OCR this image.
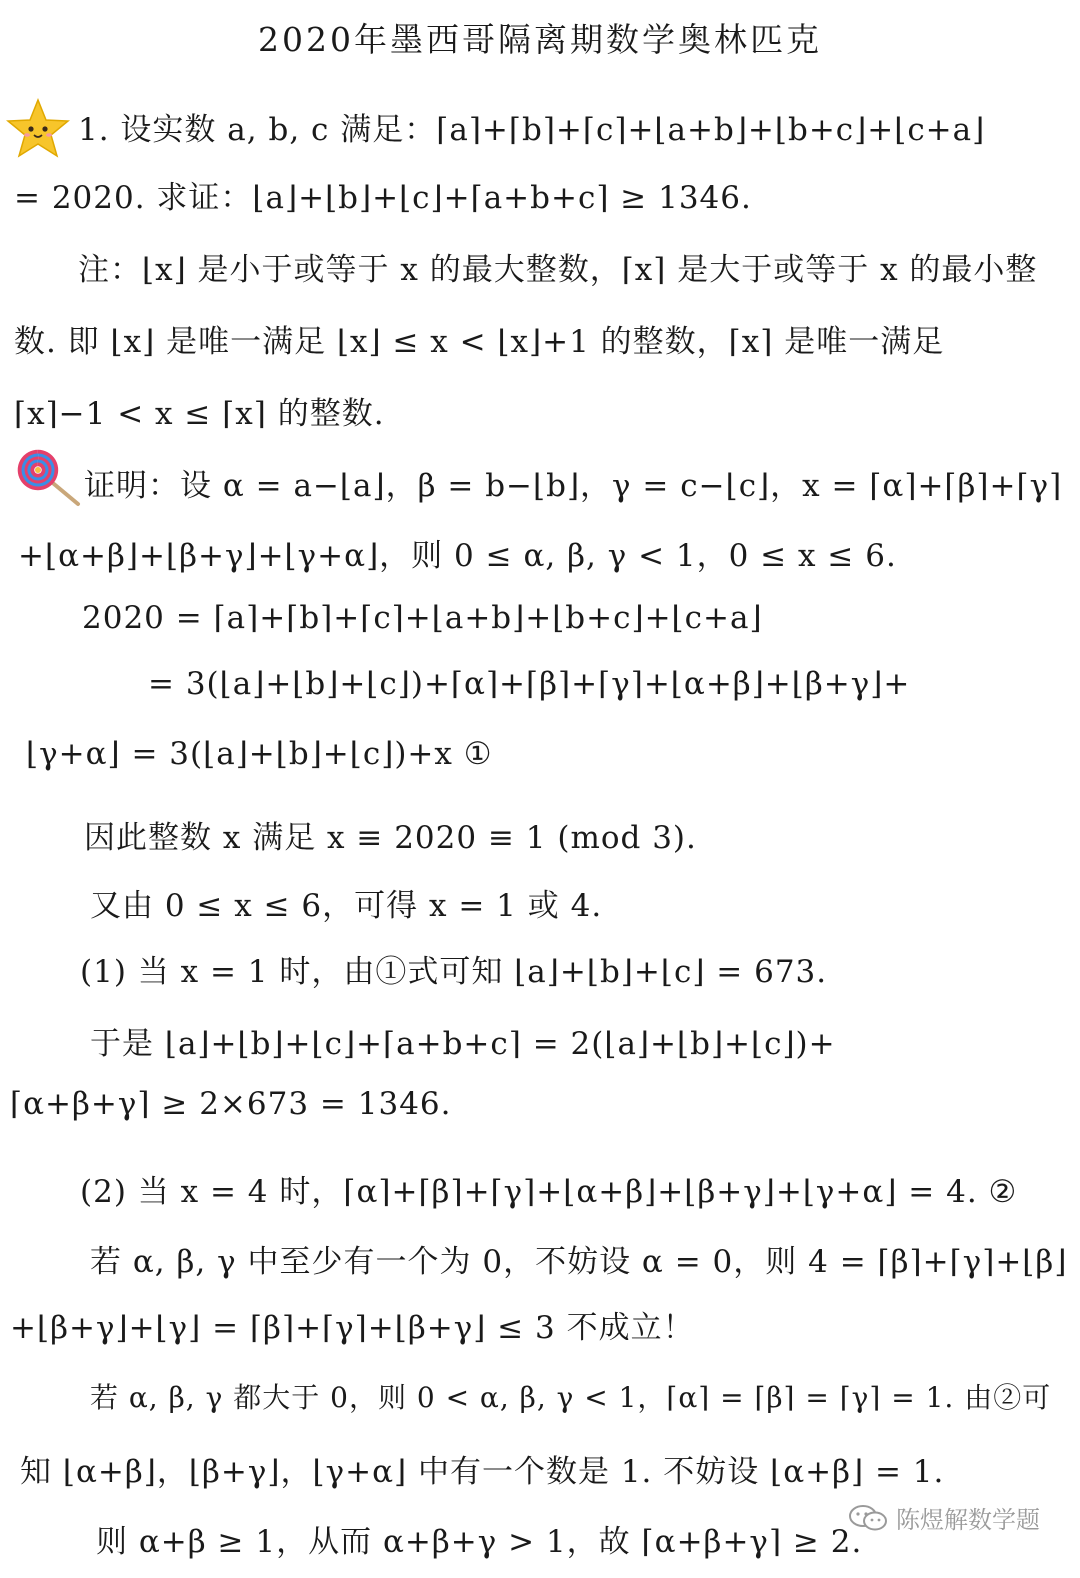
2020年墨西哥隔离期数学奥林匹克
1. 设实数 a, b, c 满足：⌈a⌉+⌈b⌉+⌈c⌉+⌊a+b⌋+⌊b+c⌋+⌊c+a⌋
= 2020. 求证：⌊a⌋+⌊b⌋+⌊c⌋+⌈a+b+c⌉ ≥ 1346.
注：⌊x⌋ 是小于或等于 x 的最大整数，⌈x⌉ 是大于或等于 x 的最小整
数. 即 ⌊x⌋ 是唯一满足 ⌊x⌋ ≤ x < ⌊x⌋+1 的整数，⌈x⌉ 是唯一满足
⌈x⌉−1 < x ≤ ⌈x⌉ 的整数.
证明：设 α = a−⌊a⌋，β = b−⌊b⌋，γ = c−⌊c⌋，x = ⌈α⌉+⌈β⌉+⌈γ⌉
+⌊α+β⌋+⌊β+γ⌋+⌊γ+α⌋，则 0 ≤ α, β, γ < 1，0 ≤ x ≤ 6.
2020 = ⌈a⌉+⌈b⌉+⌈c⌉+⌊a+b⌋+⌊b+c⌋+⌊c+a⌋
= 3(⌊a⌋+⌊b⌋+⌊c⌋)+⌈α⌉+⌈β⌉+⌈γ⌉+⌊α+β⌋+⌊β+γ⌋+
⌊γ+α⌋ = 3(⌊a⌋+⌊b⌋+⌊c⌋)+x ①
因此整数 x 满足 x ≡ 2020 ≡ 1 (mod 3).
又由 0 ≤ x ≤ 6，可得 x = 1 或 4.
(1) 当 x = 1 时，由①式可知 ⌊a⌋+⌊b⌋+⌊c⌋ = 673.
于是 ⌊a⌋+⌊b⌋+⌊c⌋+⌈a+b+c⌉ = 2(⌊a⌋+⌊b⌋+⌊c⌋)+
⌈α+β+γ⌉ ≥ 2×673 = 1346.
(2) 当 x = 4 时，⌈α⌉+⌈β⌉+⌈γ⌉+⌊α+β⌋+⌊β+γ⌋+⌊γ+α⌋ = 4. ②
若 α, β, γ 中至少有一个为 0，不妨设 α = 0，则 4 = ⌈β⌉+⌈γ⌉+⌊β⌋
+⌊β+γ⌋+⌊γ⌋ = ⌈β⌉+⌈γ⌉+⌊β+γ⌋ ≤ 3 不成立！
若 α, β, γ 都大于 0，则 0 < α, β, γ < 1，⌈α⌉ = ⌈β⌉ = ⌈γ⌉ = 1. 由②可
知 ⌊α+β⌋，⌊β+γ⌋，⌊γ+α⌋ 中有一个数是 1. 不妨设 ⌊α+β⌋ = 1.
则 α+β ≥ 1，从而 α+β+γ > 1，故 ⌈α+β+γ⌉ ≥ 2.
陈煜解数学题
